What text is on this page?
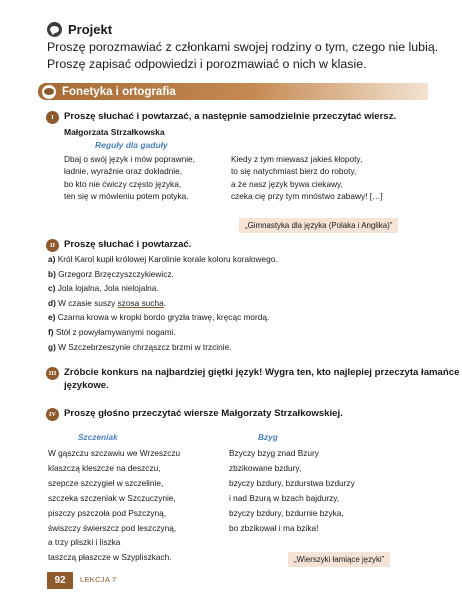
Projekt
Proszę porozmawiać z członkami swojej rodziny o tym, czego nie lubią.
Proszę zapisać odpowiedzi i porozmawiać o nich w klasie.
Fonetyka i ortografia
I	Proszę słuchać i powtarzać, a następnie samodzielnie przeczytać wiersz.
Małgorzata Strzałkowska
Reguły dla gaduły
Dbaj o swój język i mów poprawnie,
ładnie, wyraźnie oraz dokładnie,
bo kto nie ćwiczy często języka,
ten się w mówieniu potem potyka.
Kiedy z tym miewasz jakieś kłopoty,
to się natychmiast bierz do roboty,
a że nasz język bywa ciekawy,
czeka cię przy tym mnóstwo zabawy! […]
„Gimnastyka dla języka (Polaka i Anglika)”
II Proszę słuchać i powtarzać.
a) Król Karol kupił królowej Karolinie korale koloru koralowego.
b) Grzegorz Brzęczyszczykiewicz.
c) Jola lojalna, Jola nielojalna.
d) W czasie suszy szosa sucha.
e) Czarna krowa w kropki bordo gryzła trawę, kręcąc mordą.
f) Stół z powyłamywanymi nogami.
g) W Szczebrzeszynie chrząszcz brzmi w trzcinie.
III Zróbcie konkurs na najbardziej giętki język! Wygra ten, kto najlepiej przeczyta łamańce
językowe.
IV Proszę głośno przeczytać wiersze Małgorzaty Strzałkowskiej.
Szczeniak	Bzyg
W gąszczu szczawiu we Wrzeszczu
klaszczą kleszcze na deszczu,
szepcze szczygieł w szczelinie,
szczeka szczeniak w Szczuczynie,
piszczy pszczoła pod Pszczyną,
świszczy świerszcz pod leszczyną,
a trzy pliszki i liszka
taszczą płaszcze w Szypliszkach.
Bzyczy bzyg znad Bzury
zbzikowane bzdury,
bzyczy bzdury, bzdurstwa bzdurzy
i nad Bzurą w bzach bajdurzy,
bzyczy bzdury, bzdurnie bzyka,
bo zbzikował i ma bzika!
„Wierszyki łamiące języki”
92	LEKCJA 7
